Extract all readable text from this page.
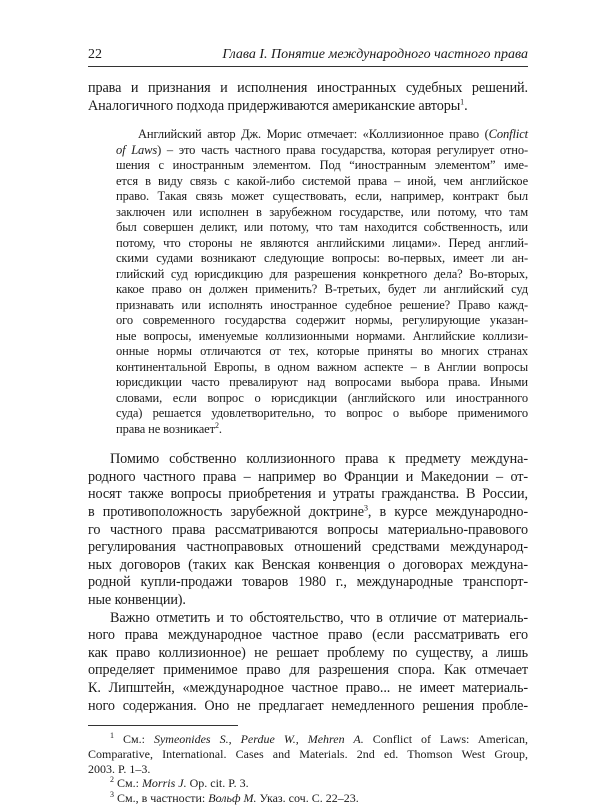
22	Глава I. Понятие международного частного права
права и признания и исполнения иностранных судебных решений.
Аналогичного подхода придерживаются американские авторы$^1$.
Английский автор Дж. Морис отмечает: «Коллизионное право (Conflict
of Laws) – это часть частного права государства, которая регулирует отно-
шения с иностранным элементом. Под “иностранным элементом” име-
ется в виду связь с какой-либо системой права – иной, чем английское
право. Такая связь может существовать, если, например, контракт был
заключен или исполнен в зарубежном государстве, или потому, что там
был совершен деликт, или потому, что там находится собственность, или
потому, что стороны не являются английскими лицами». Перед англий-
скими судами возникают следующие вопросы: во-первых, имеет ли ан-
глийский суд юрисдикцию для разрешения конкретного дела? Во-вторых,
какое право он должен применить? В-третьих, будет ли английский суд
признавать или исполнять иностранное судебное решение? Право кажд-
ого современного государства содержит нормы, регулирующие указан-
ные вопросы, именуемые коллизионными нормами. Английские коллизи-
онные нормы отличаются от тех, которые приняты во многих странах
континентальной Европы, в одном важном аспекте – в Англии вопросы
юрисдикции часто превалируют над вопросами выбора права. Иными
словами, если вопрос о юрисдикции (английского или иностранного
суда) решается удовлетворительно, то вопрос о выборе применимого
права не возникает$^2$.
Помимо собственно коллизионного права к предмету междуна-
родного частного права – например во Франции и Македонии – от-
носят также вопросы приобретения и утраты гражданства. В России,
в противоположность зарубежной доктрине$^3$, в курсе международно-
го частного права рассматриваются вопросы материально-правового
регулирования частноправовых отношений средствами международ-
ных договоров (таких как Венская конвенция о договорах междуна-
родной купли-продажи товаров 1980 г., международные транспорт-
ные конвенции).
Важно отметить и то обстоятельство, что в отличие от материаль-
ного права международное частное право (если рассматривать его
как право коллизионное) не решает проблему по существу, а лишь
определяет применимое право для разрешения спора. Как отмечает
К. Липштейн, «международное частное право... не имеет материаль-
ного содержания. Оно не предлагает немедленного решения пробле-
$^1$ См.: Symeonides S., Perdue W., Mehren A. Conflict of Laws: American,
Comparative, International. Cases and Materials. 2nd ed. Thomson West Group,
2003. P. 1–3.
$^2$ См.: Morris J. Op. cit. P. 3.
$^3$ См., в частности: Вольф М. Указ. соч. С. 22–23.
